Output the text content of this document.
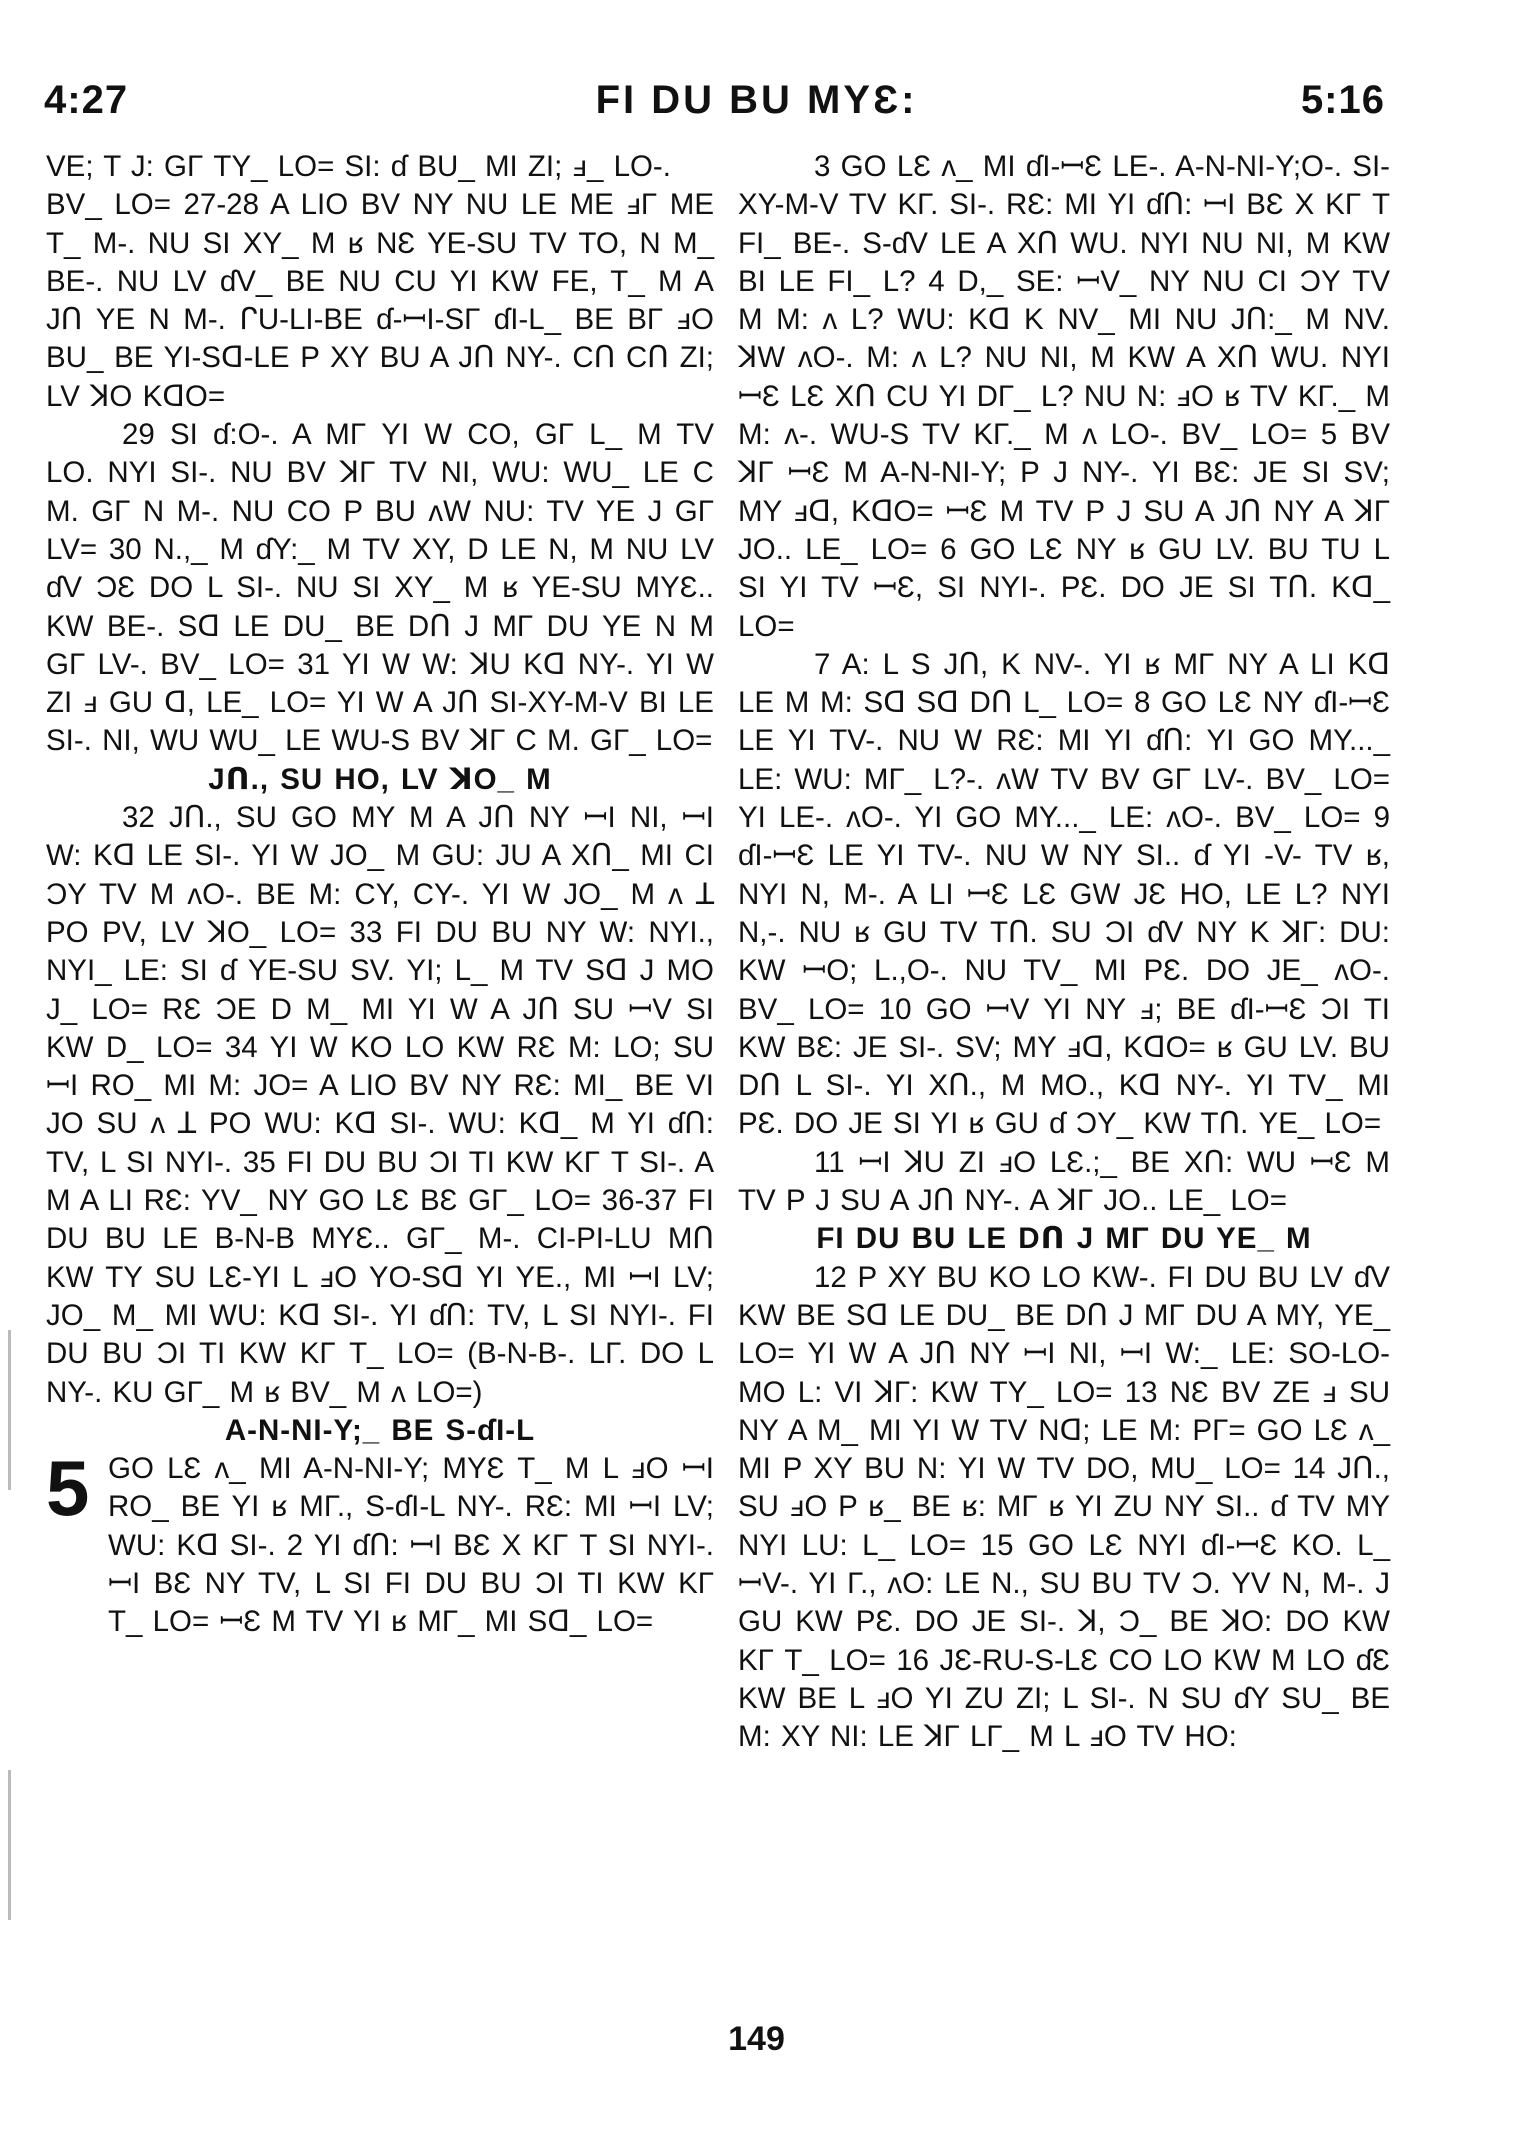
4:27	FI DU BU MYƐ:	5:16

VE; T J: GΓ TY_ LO= SI: ɗ BU_ MI ZI; ⅎ_ LO-.

BV_ LO= 27-28 A LIO BV NY NU LE ME ⅎΓ ME T_ M-. NU SI XY_ M ʁ NƐ YE-SU TV TO, N M_ BE-. NU LV ɗV_ BE NU CU YI KW FE, T_ M A Jᑎ YE N M-. ᒋU-LI-BE ɗ-ꟷI-SΓ ɗI-L_ BE BΓ ⅎO BU_ BE YI-Sꓷ-LE P XY BU A Jᑎ NY-. Cᑎ Cᑎ ZI; LV ꓘO KꓷO=

29 SI ɗ:O-. A MΓ YI W CO, GΓ L_ M TV LO. NYI SI-. NU BV ꓘΓ TV NI, WU: WU_ LE C M. GΓ N M-. NU CO P BU ʌW NU: TV YE J GΓ LV= 30 N.,_ M ɗY:_ M TV XY, D LE N, M NU LV ɗV ƆƐ DO L SI-. NU SI XY_ M ʁ YE-SU MYƐ.. KW BE-. Sꓷ LE DU_ BE Dᑎ J MΓ DU YE N M GΓ LV-. BV_ LO= 31 YI W W: ꓘU Kꓷ NY-. YI W ZI ⅎ GU ꓷ, LE_ LO= YI W A Jᑎ SI-XY-M-V BI LE SI-. NI, WU WU_ LE WU-S BV ꓘΓ C M. GΓ_ LO=

Jᑎ., SU HO, LV ꓘO_ M

32 Jᑎ., SU GO MY M A Jᑎ NY ꟷI NI, ꟷI W: Kꓷ LE SI-. YI W JO_ M GU: JU A Xᑎ_ MI CI ƆY TV M ʌO-. BE M: CY, CY-. YI W JO_ M ʌ ꓕ PO PV, LV ꓘO_ LO= 33 FI DU BU NY W: NYI., NYI_ LE: SI ɗ YE-SU SV. YI; L_ M TV Sꓷ J MO J_ LO= RƐ ƆE D M_ MI YI W A Jᑎ SU ꟷV SI KW D_ LO= 34 YI W KO LO KW RƐ M: LO; SU ꟷI RO_ MI M: JO= A LIO BV NY RƐ: MI_ BE VI JO SU ʌ ꓕ PO WU: Kꓷ SI-. WU: Kꓷ_ M YI ɗᑎ: TV, L SI NYI-. 35 FI DU BU ƆI TI KW KΓ T SI-. A M A LI RƐ: YV_ NY GO LƐ BƐ GΓ_ LO= 36-37 FI DU BU LE B-N-B MYƐ.. GΓ_ M-. CI-PI-LU Mᑎ KW TY SU LƐ-YI L ⅎO YO-Sꓷ YI YE., MI ꟷI LV; JO_ M_ MI WU: Kꓷ SI-. YI ɗᑎ: TV, L SI NYI-. FI DU BU ƆI TI KW KΓ T_ LO= (B-N-B-. LΓ. DO L NY-. KU GΓ_ M ʁ BV_ M ʌ LO=)

A-N-NI-Y;_ BE S-ɗI-L
5 GO LƐ ʌ_ MI A-N-NI-Y; MYƐ T_ M L ⅎO ꟷI RO_ BE YI ʁ MΓ., S-ɗI-L NY-. RƐ: MI ꟷI LV; WU: Kꓷ SI-. 2 YI ɗᑎ: ꟷI BƐ X KΓ T SI NYI-. ꟷI BƐ NY TV, L SI FI DU BU ƆI TI KW KΓ T_ LO= ꟷƐ M TV YI ʁ MΓ_ MI Sꓷ_ LO=

3 GO LƐ ʌ_ MI ɗI-ꟷƐ LE-. A-N-NI-Y;O-. SI-XY-M-V TV KΓ. SI-. RƐ: MI YI ɗᑎ: ꟷI BƐ X KΓ T FI_ BE-. S-ɗV LE A Xᑎ WU. NYI NU NI, M KW BI LE FI_ L? 4 D,_ SE: ꟷV_ NY NU CI ƆY TV M M: ʌ L? WU: Kꓷ K NV_ MI NU Jᑎ:_ M NV. ꓘW ʌO-. M: ʌ L? NU NI, M KW A Xᑎ WU. NYI ꟷƐ LƐ Xᑎ CU YI DΓ_ L? NU N: ⅎO ʁ TV KΓ._ M M: ʌ-. WU-S TV KΓ._ M ʌ LO-. BV_ LO= 5 BV ꓘΓ ꟷƐ M A-N-NI-Y; P J NY-. YI BƐ: JE SI SV; MY ⅎꓷ, KꓷO= ꟷƐ M TV P J SU A Jᑎ NY A ꓘΓ JO.. LE_ LO= 6 GO LƐ NY ʁ GU LV. BU TU L SI YI TV ꟷƐ, SI NYI-. PƐ. DO JE SI Tᑎ. Kꓷ_ LO=

7 A: L S Jᑎ, K NV-. YI ʁ MΓ NY A LI Kꓷ LE M M: Sꓷ Sꓷ Dᑎ L_ LO= 8 GO LƐ NY ɗI-ꟷƐ LE YI TV-. NU W RƐ: MI YI ɗᑎ: YI GO MY..._ LE: WU: MΓ_ L?-. ʌW TV BV GΓ LV-. BV_ LO= YI LE-. ʌO-. YI GO MY..._ LE: ʌO-. BV_ LO= 9 ɗI-ꟷƐ LE YI TV-. NU W NY SI.. ɗ YI -V- TV ʁ, NYI N, M-. A LI ꟷƐ LƐ GW JƐ HO, LE L? NYI N,-. NU ʁ GU TV Tᑎ. SU ƆI ɗV NY K ꓘΓ: DU: KW ꟷO; L.,O-. NU TV_ MI PƐ. DO JE_ ʌO-. BV_ LO= 10 GO ꟷV YI NY ⅎ; BE ɗI-ꟷƐ ƆI TI KW BƐ: JE SI-. SV; MY ⅎꓷ, KꓷO= ʁ GU LV. BU Dᑎ L SI-. YI Xᑎ., M MO., Kꓷ NY-. YI TV_ MI PƐ. DO JE SI YI ʁ GU ɗ ƆY_ KW Tᑎ. YE_ LO=

11 ꟷI ꓘU ZI ⅎO LƐ.;_ BE Xᑎ: WU ꟷƐ M TV P J SU A Jᑎ NY-. A ꓘΓ JO.. LE_ LO=

FI DU BU LE Dᑎ J MΓ DU YE_ M

12 P XY BU KO LO KW-. FI DU BU LV ɗV KW BE Sꓷ LE DU_ BE Dᑎ J MΓ DU A MY, YE_ LO= YI W A Jᑎ NY ꟷI NI, ꟷI W:_ LE: SO-LO-MO L: VI ꓘΓ: KW TY_ LO= 13 NƐ BV ZE ⅎ SU NY A M_ MI YI W TV Nꓷ; LE M: PΓ= GO LƐ ʌ_ MI P XY BU N: YI W TV DO, MU_ LO= 14 Jᑎ., SU ⅎO P ʁ_ BE ʁ: MΓ ʁ YI ZU NY SI.. ɗ TV MY NYI LU: L_ LO= 15 GO LƐ NYI ɗI-ꟷƐ KO. L_ ꟷV-. YI Γ., ʌO: LE N., SU BU TV Ɔ. YV N, M-. J GU KW PƐ. DO JE SI-. ꓘ, Ɔ_ BE ꓘO: DO KW KΓ T_ LO= 16 JƐ-RU-S-LƐ CO LO KW M LO ɗƐ KW BE L ⅎO YI ZU ZI; L SI-. N SU ɗY SU_ BE M: XY NI: LE ꓘΓ LΓ_ M L ⅎO TV HO:

149
